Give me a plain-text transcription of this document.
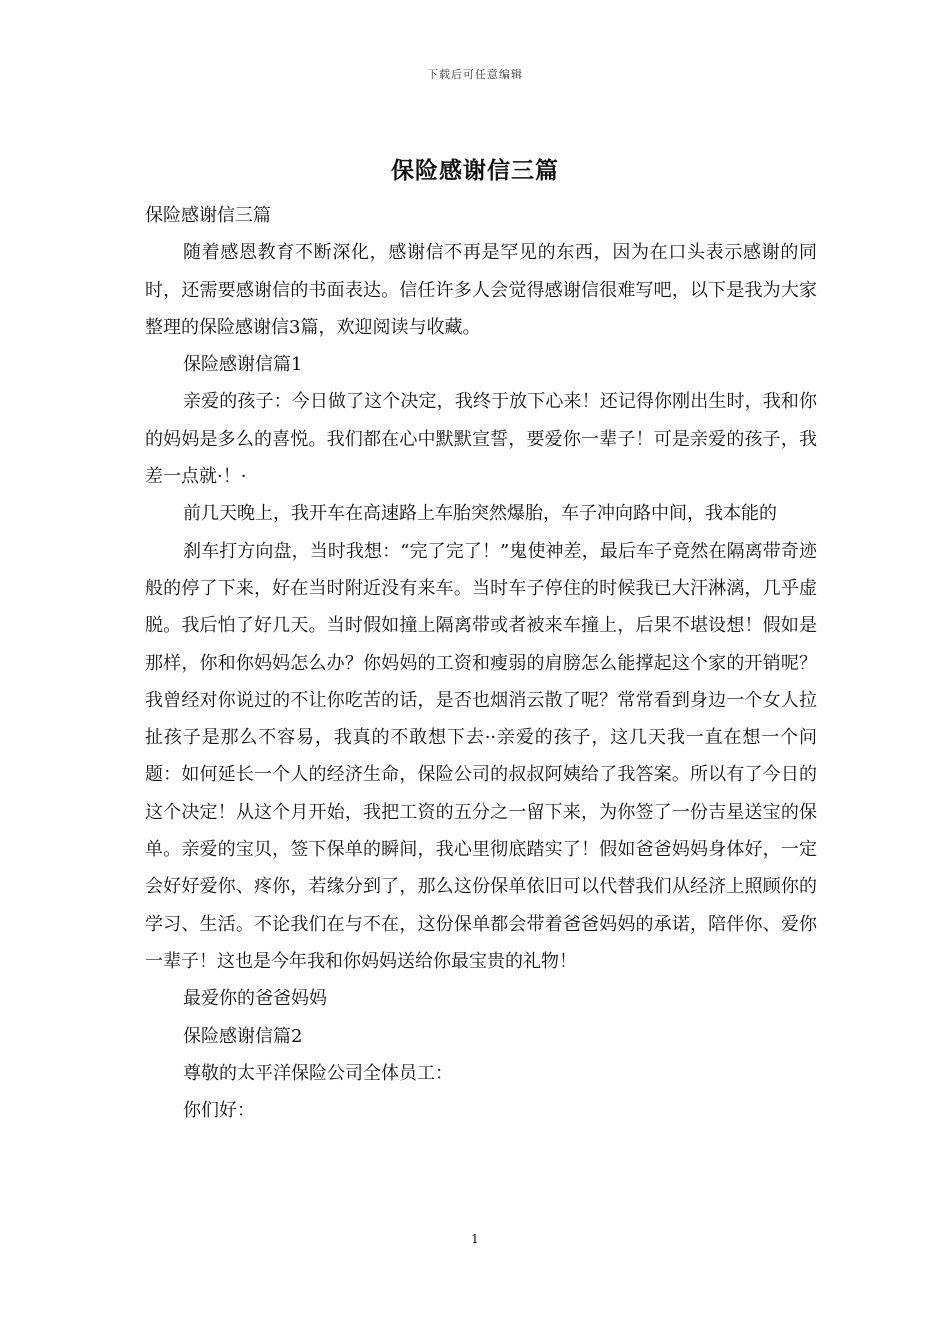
下载后可任意编辑
保险感谢信三篇

保险感谢信三篇

随着感恩教育不断深化，感谢信不再是罕见的东西，因为在口头表示感谢的同时，还需要感谢信的书面表达。信任许多人会觉得感谢信很难写吧，以下是我为大家整理的保险感谢信3篇，欢迎阅读与收藏。

保险感谢信篇1

亲爱的孩子：今日做了这个决定，我终于放下心来！还记得你刚出生时，我和你的妈妈是多么的喜悦。我们都在心中默默宣誓，要爱你一辈子！可是亲爱的孩子，我差一点就·！·

前几天晚上，我开车在高速路上车胎突然爆胎，车子冲向路中间，我本能的

刹车打方向盘，当时我想：“完了完了！”鬼使神差，最后车子竟然在隔离带奇迹般的停了下来，好在当时附近没有来车。当时车子停住的时候我已大汗淋漓，几乎虚脱。我后怕了好几天。当时假如撞上隔离带或者被来车撞上，后果不堪设想！假如是那样，你和你妈妈怎么办？你妈妈的工资和瘦弱的肩膀怎么能撑起这个家的开销呢？我曾经对你说过的不让你吃苦的话，是否也烟消云散了呢？常常看到身边一个女人拉扯孩子是那么不容易，我真的不敢想下去··亲爱的孩子，这几天我一直在想一个问题：如何延长一个人的经济生命，保险公司的叔叔阿姨给了我答案。所以有了今日的这个决定！从这个月开始，我把工资的五分之一留下来，为你签了一份吉星送宝的保单。亲爱的宝贝，签下保单的瞬间，我心里彻底踏实了！假如爸爸妈妈身体好，一定会好好爱你、疼你，若缘分到了，那么这份保单依旧可以代替我们从经济上照顾你的学习、生活。不论我们在与不在，这份保单都会带着爸爸妈妈的承诺，陪伴你、爱你一辈子！这也是今年我和你妈妈送给你最宝贵的礼物！

最爱你的爸爸妈妈

保险感谢信篇2

尊敬的太平洋保险公司全体员工：

你们好：

1
